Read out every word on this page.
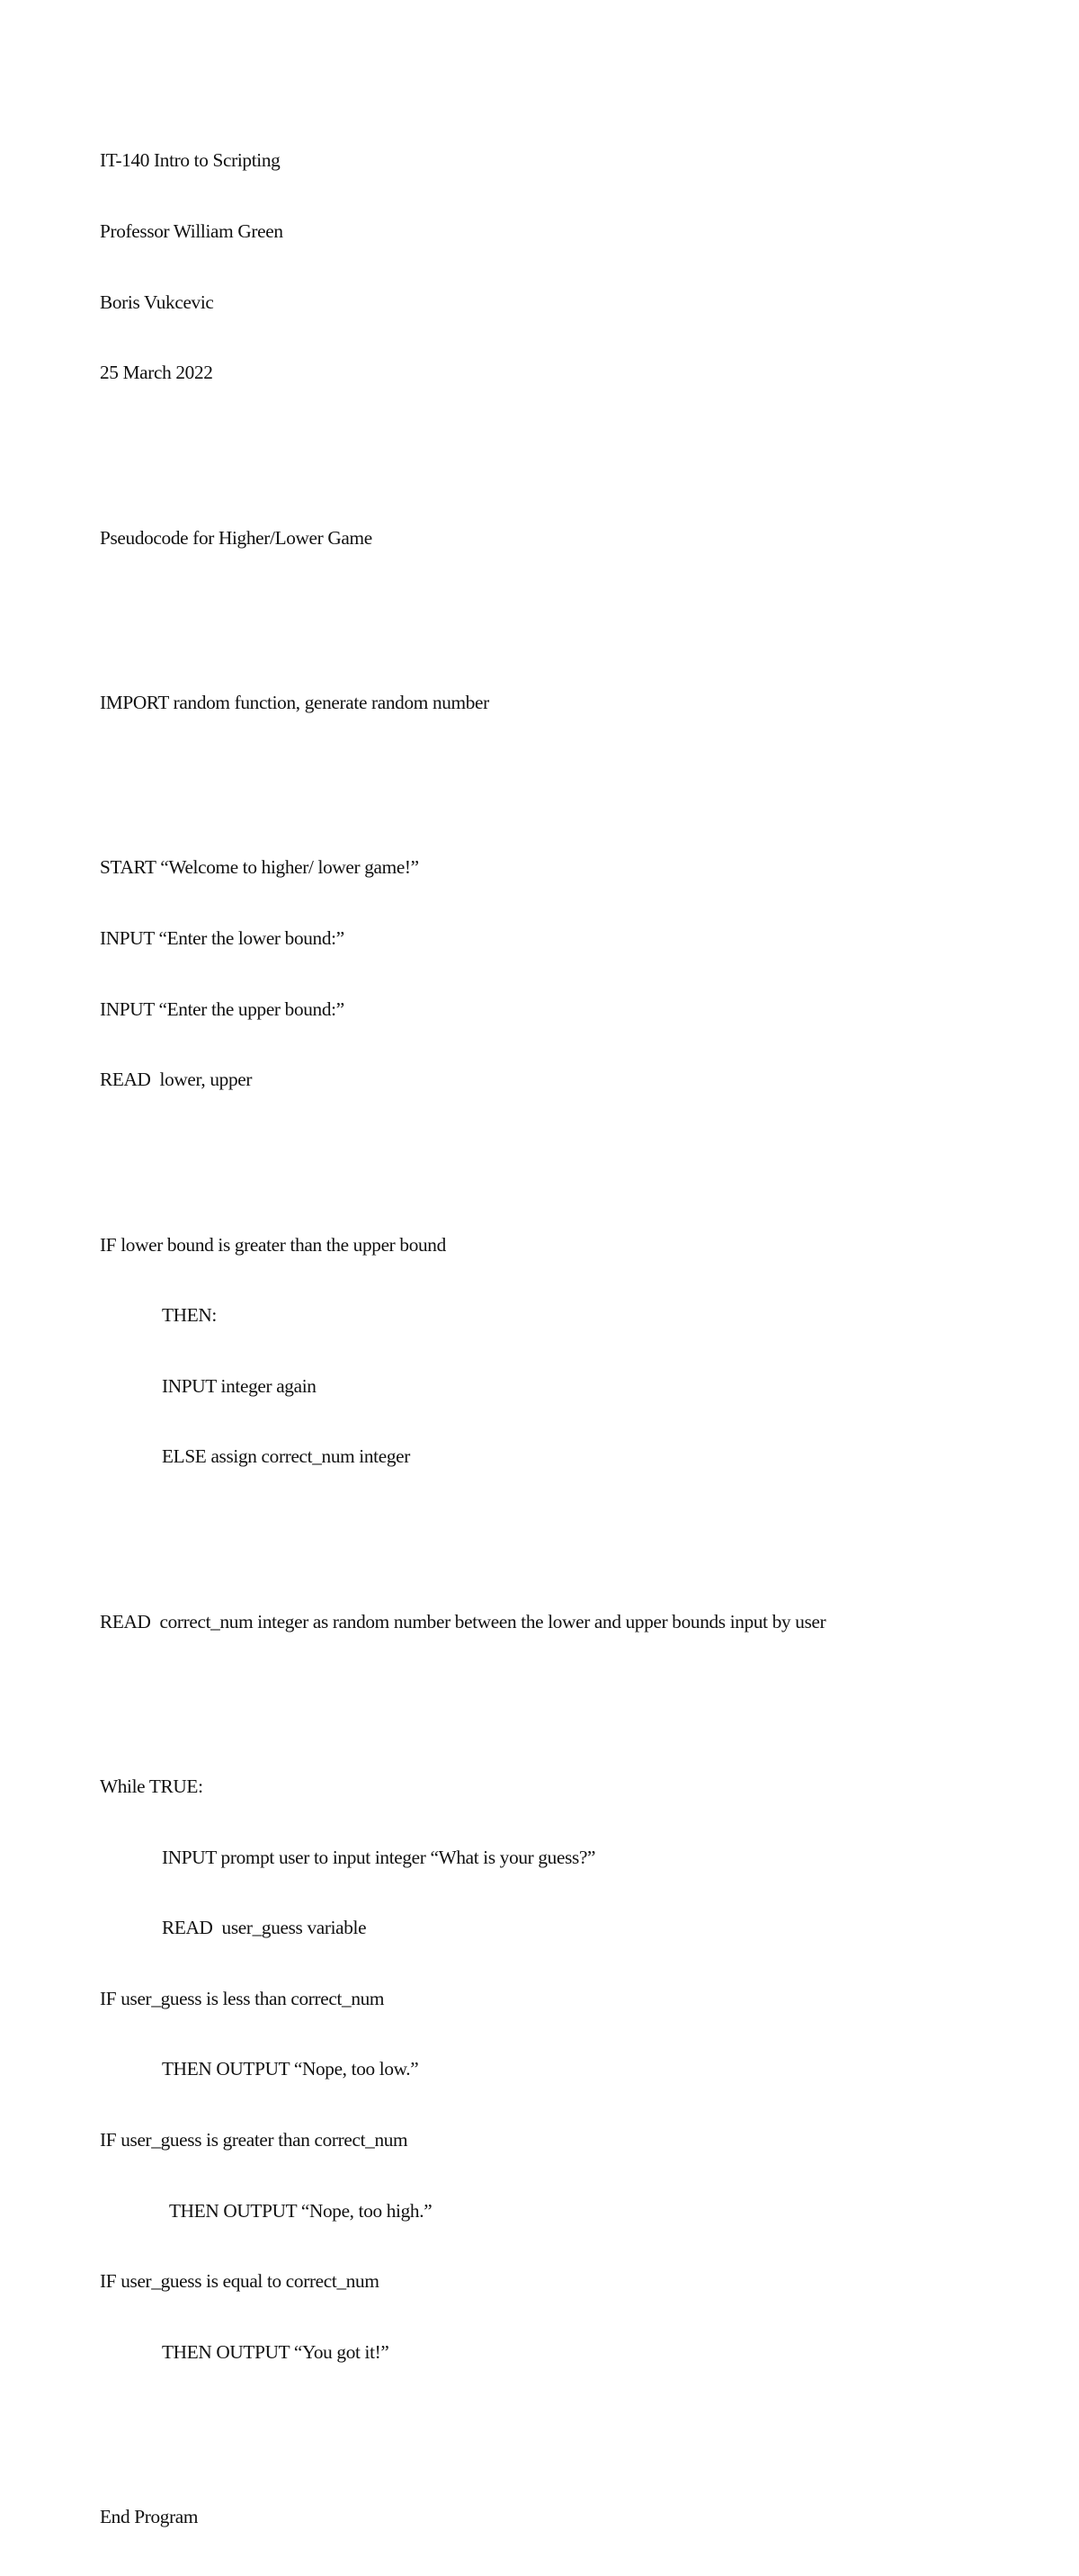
IT-140 Intro to Scripting

Professor William Green

Boris Vukcevic

25 March 2022

Pseudocode for Higher/Lower Game

IMPORT random function, generate random number

START “Welcome to higher/ lower game!”

INPUT “Enter the lower bound:”

INPUT “Enter the upper bound:”

READ  lower, upper

IF lower bound is greater than the upper bound

THEN:

INPUT integer again

ELSE assign correct_num integer

READ  correct_num integer as random number between the lower and upper bounds input by user

While TRUE:

INPUT prompt user to input integer “What is your guess?”

READ  user_guess variable

IF user_guess is less than correct_num

THEN OUTPUT “Nope, too low.”

IF user_guess is greater than correct_num

THEN OUTPUT “Nope, too high.”

IF user_guess is equal to correct_num

THEN OUTPUT “You got it!”

End Program
